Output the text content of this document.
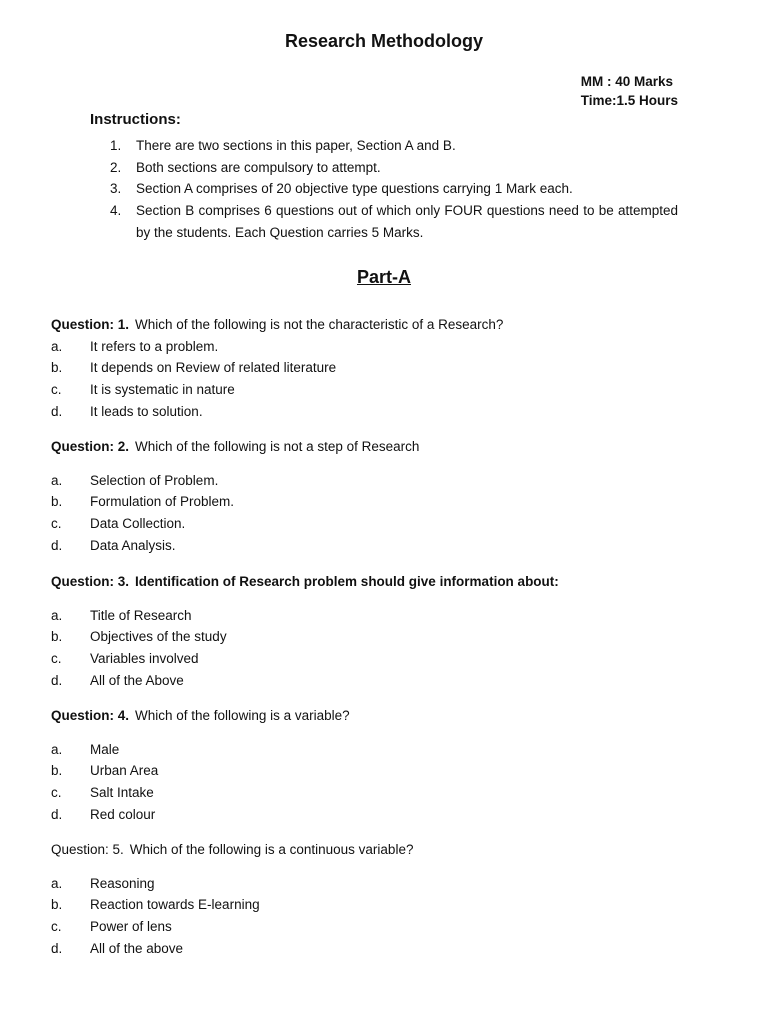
Research Methodology
MM : 40 Marks
Time:1.5 Hours
Instructions:
1.	There are two sections in this paper, Section A and B.
2.	Both sections are compulsory to attempt.
3.	Section A comprises of 20 objective type questions carrying 1 Mark each.
4.	Section B comprises 6 questions out of which only FOUR questions need to be attempted by the students. Each Question carries 5 Marks.
Part-A
Question: 1. Which of the following is not the characteristic of a Research?
a.	It refers to a problem.
b.	It depends on Review of related literature
c.	It is systematic in nature
d.	It leads to solution.
Question: 2. Which of the following is not a step of Research
a.	Selection of Problem.
b.	Formulation of Problem.
c.	Data Collection.
d.	Data Analysis.
Question: 3. Identification of Research problem should give information about:
a.	Title of Research
b.	Objectives of the study
c.	Variables involved
d.	All of the Above
Question: 4. Which of the following is a variable?
a.	Male
b.	Urban Area
c.	Salt Intake
d.	Red colour
Question: 5. Which of the following is a continuous variable?
a.	Reasoning
b.	Reaction towards E-learning
c.	Power of lens
d.	All of the above
